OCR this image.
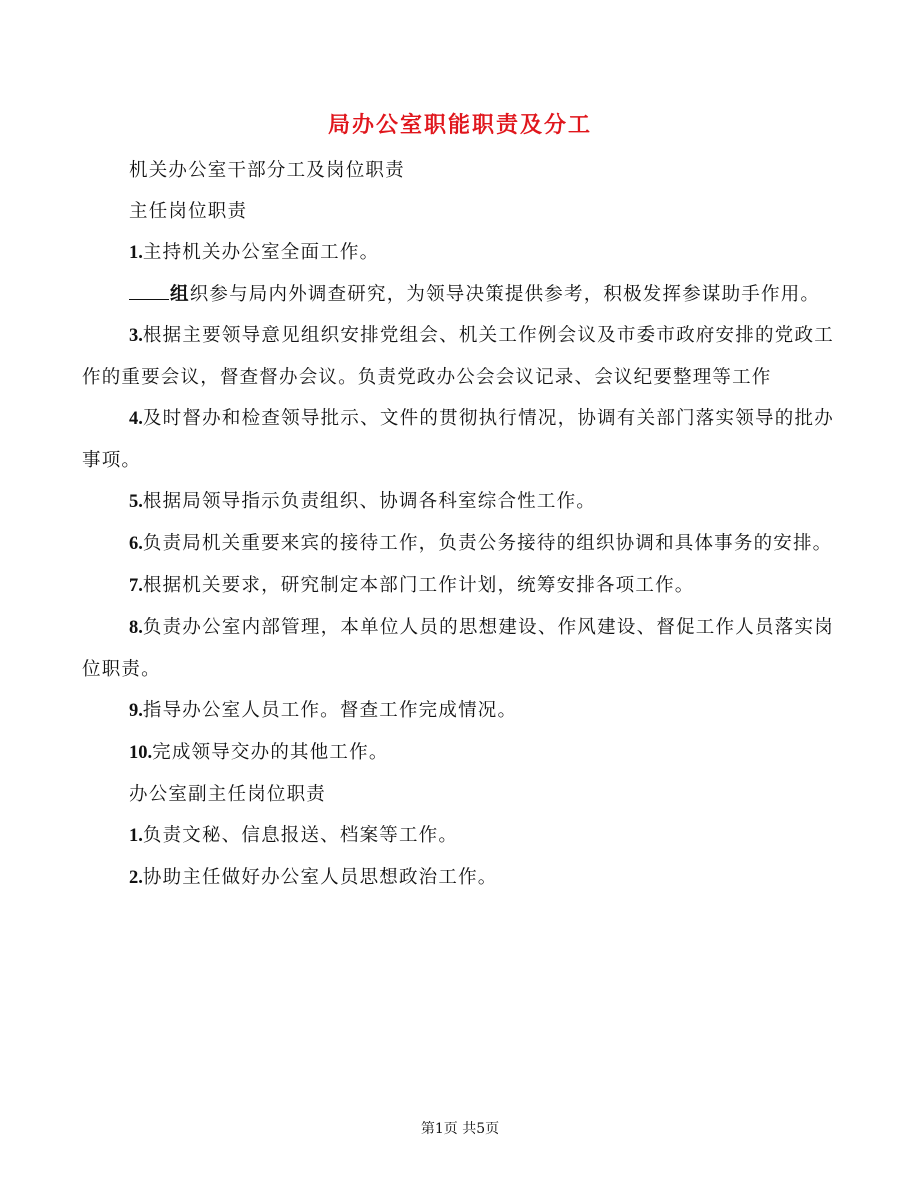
局办公室职能职责及分工

机关办公室干部分工及岗位职责

主任岗位职责

1.主持机关办公室全面工作。

组织参与局内外调查研究，为领导决策提供参考，积极发挥参谋助手作用。

3.根据主要领导意见组织安排党组会、机关工作例会议及市委市政府安排的党政工作的重要会议，督查督办会议。负责党政办公会会议记录、会议纪要整理等工作

4.及时督办和检查领导批示、文件的贯彻执行情况，协调有关部门落实领导的批办事项。

5.根据局领导指示负责组织、协调各科室综合性工作。

6.负责局机关重要来宾的接待工作，负责公务接待的组织协调和具体事务的安排。

7.根据机关要求，研究制定本部门工作计划，统筹安排各项工作。

8.负责办公室内部管理，本单位人员的思想建设、作风建设、督促工作人员落实岗位职责。

9.指导办公室人员工作。督查工作完成情况。

10.完成领导交办的其他工作。

办公室副主任岗位职责

1.负责文秘、信息报送、档案等工作。

2.协助主任做好办公室人员思想政治工作。

第1页 共5页
